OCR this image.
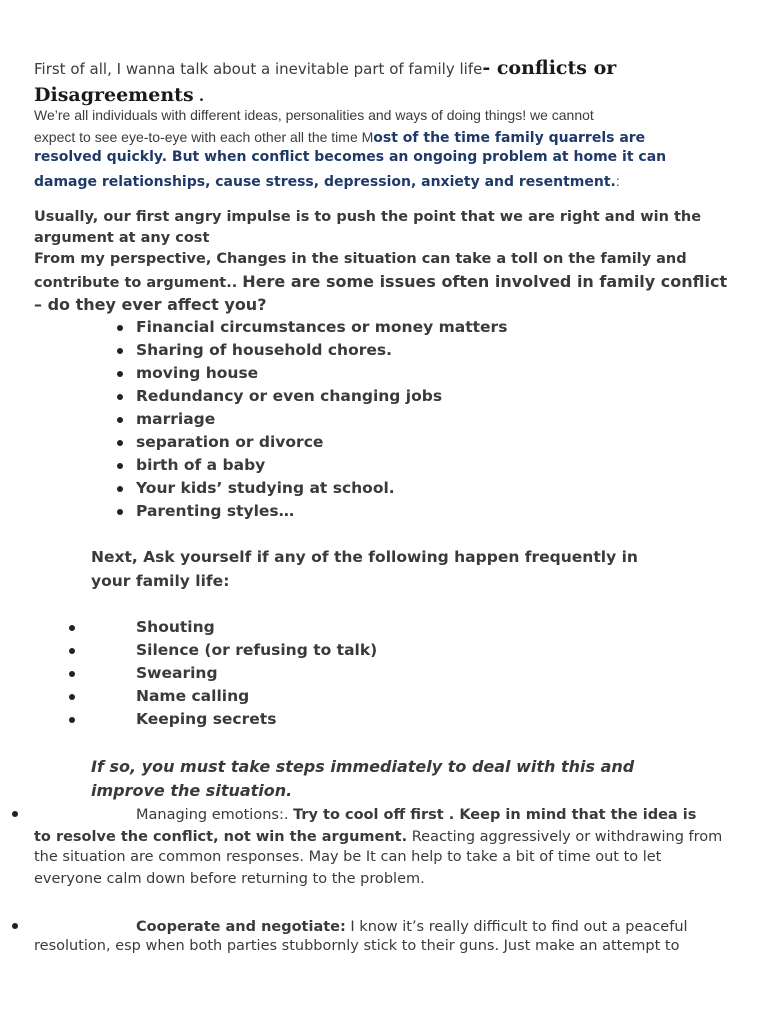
First of all, I wanna talk about a inevitable part of family life- conflicts or
Disagreements .
We’re all individuals with different ideas, personalities and ways of doing things! we cannot
expect to see eye-to-eye with each other all the time Most of the time family quarrels are
resolved quickly. But when conflict becomes an ongoing problem at home it can
damage relationships, cause stress, depression, anxiety and resentment.:
Usually, our first angry impulse is to push the point that we are right and win the
argument at any cost
From my perspective, Changes in the situation can take a toll on the family and
contribute to argument.. Here are some issues often involved in family conflict
– do they ever affect you?
Financial circumstances or money matters
Sharing of household chores.
moving house
Redundancy or even changing jobs
marriage
separation or divorce
birth of a baby
Your kids’ studying at school.
Parenting styles…
Next, Ask yourself if any of the following happen frequently in
your family life:
Shouting
Silence (or refusing to talk)
Swearing
Name calling
Keeping secrets
If so, you must take steps immediately to deal with this and
improve the situation.
Managing emotions:. Try to cool off first . Keep in mind that the idea is
to resolve the conflict, not win the argument. Reacting aggressively or withdrawing from
the situation are common responses. May be It can help to take a bit of time out to let
everyone calm down before returning to the problem.
Cooperate and negotiate: I know it’s really difficult to find out a peaceful
resolution, esp when both parties stubbornly stick to their guns. Just make an attempt to
